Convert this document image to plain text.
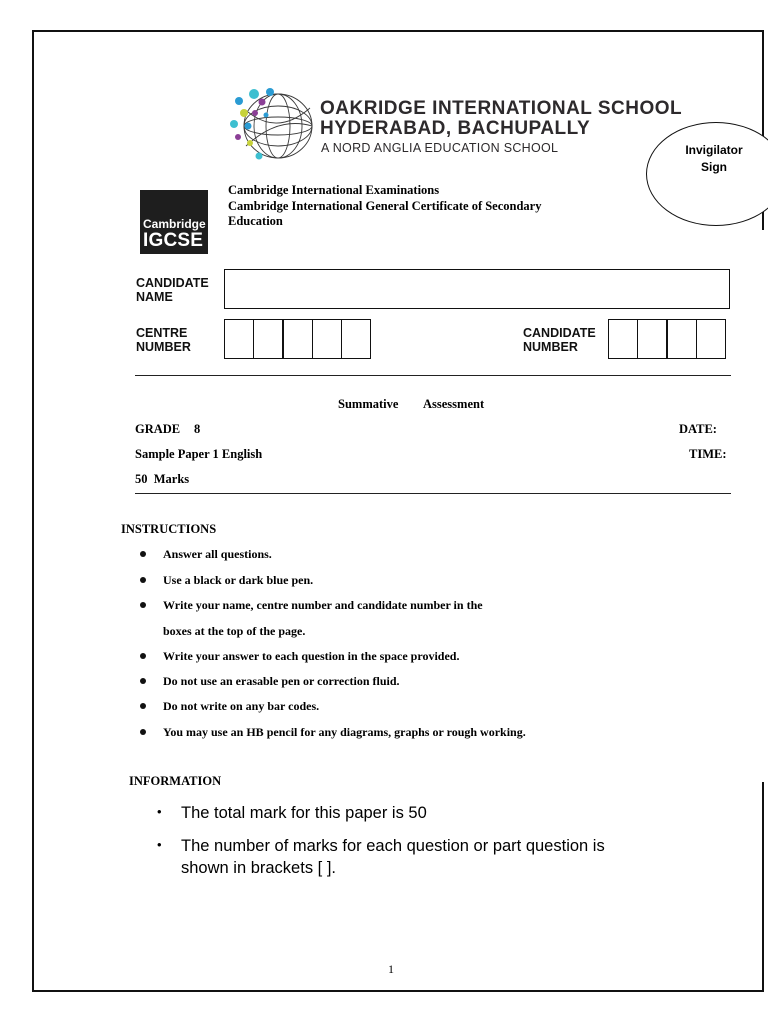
OAKRIDGE INTERNATIONAL SCHOOL
HYDERABAD, BACHUPALLY
A NORD ANGLIA EDUCATION SCHOOL	Invigilator
Sign
Cambridge
IGCSE
Cambridge International Examinations
Cambridge International General Certificate of Secondary
Education
CANDIDATE
NAME
CENTRE
NUMBER
CANDIDATE
NUMBER
Summative Assessment
GRADE 8	DATE:
Sample Paper 1 English	TIME:
50  Marks
INSTRUCTIONS
Answer all questions.
Use a black or dark blue pen.
Write your name, centre number and candidate number in the
boxes at the top of the page.
Write your answer to each question in the space provided.
Do not use an erasable pen or correction fluid.
Do not write on any bar codes.
You may use an HB pencil for any diagrams, graphs or rough working.
INFORMATION
• The total mark for this paper is 50
• The number of marks for each question or part question is
shown in brackets [ ].
1
